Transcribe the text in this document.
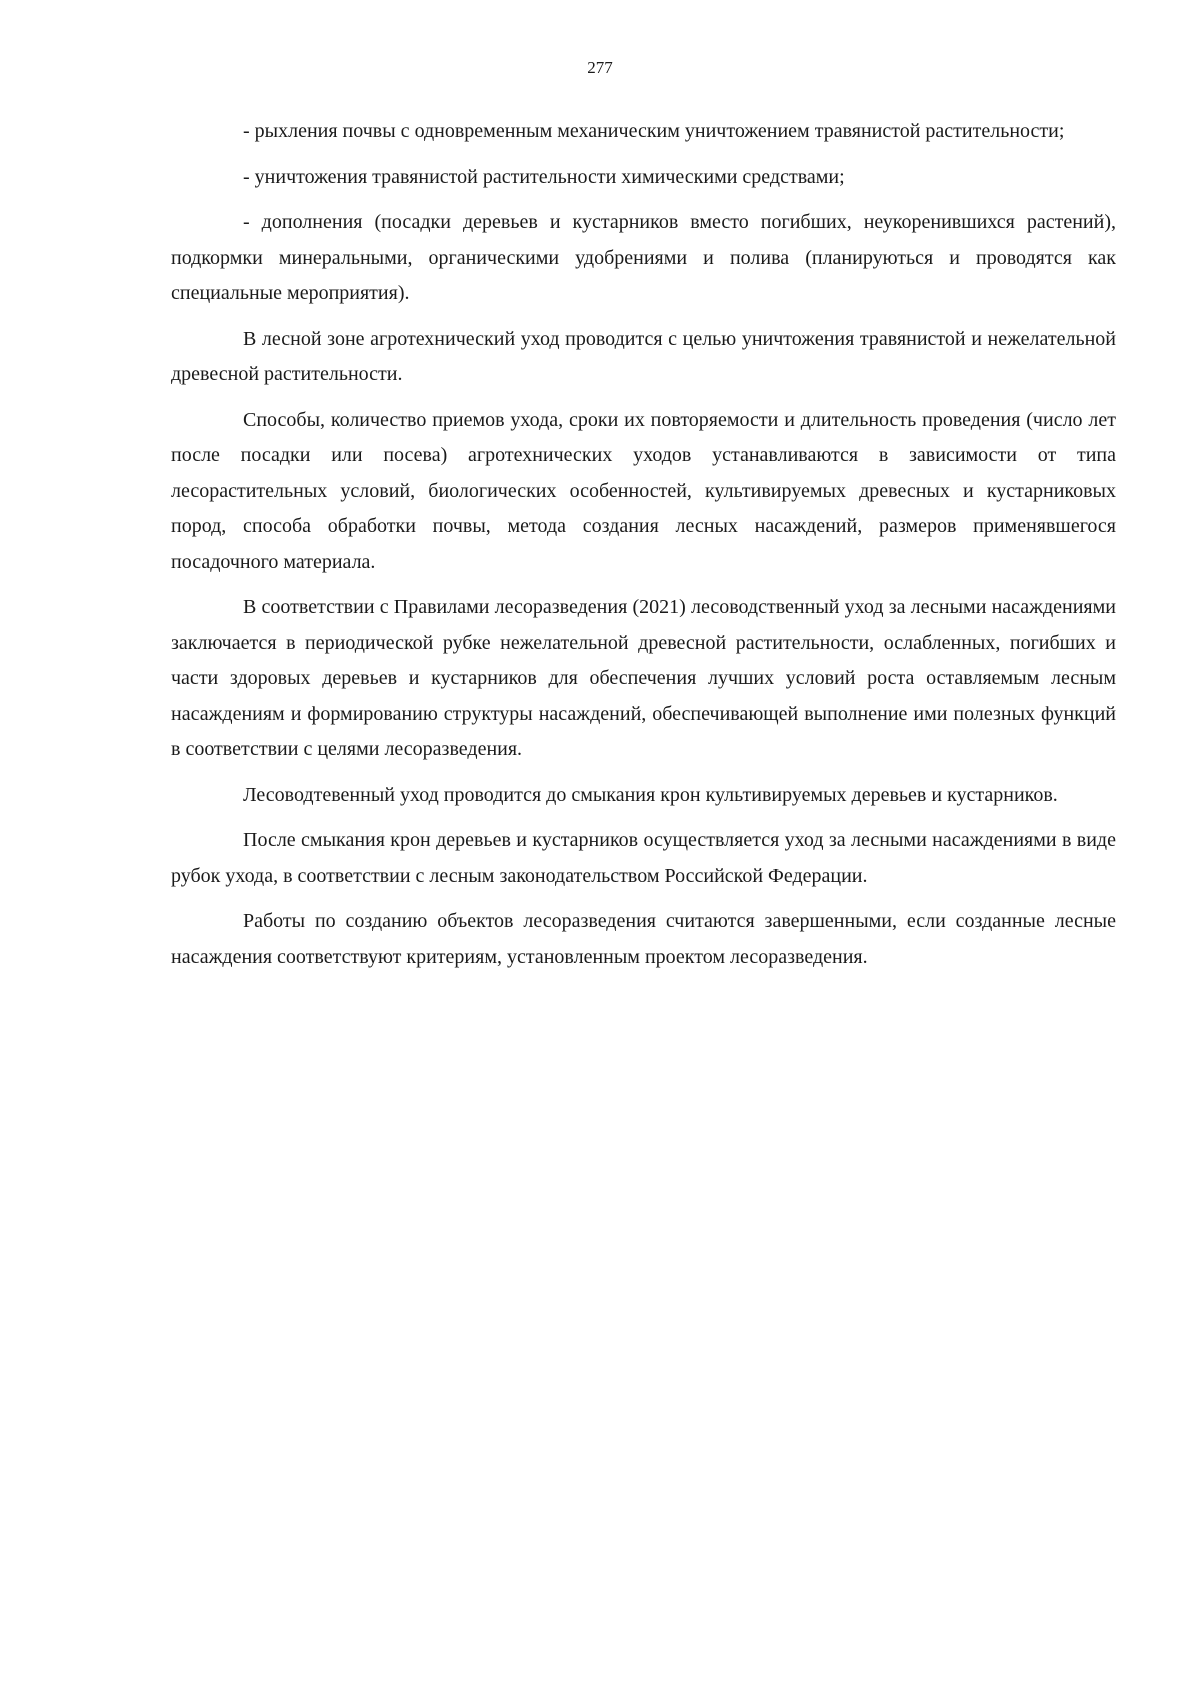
277

- рыхления почвы с одновременным механическим уничтожением травянистой растительности;

- уничтожения травянистой растительности химическими средствами;

- дополнения (посадки деревьев и кустарников вместо погибших, неукоренившихся растений), подкормки минеральными, органическими удобрениями и полива (планируються и проводятся как специальные мероприятия).

В лесной зоне агротехнический уход проводится с целью уничтожения травянистой и нежелательной древесной растительности.

Способы, количество приемов ухода, сроки их повторяемости и длительность проведения (число лет после посадки или посева) агротехнических уходов устанавливаются в зависимости от типа лесорастительных условий, биологических особенностей, культивируемых древесных и кустарниковых пород, способа обработки почвы, метода создания лесных насаждений, размеров применявшегося посадочного материала.

В соответствии с Правилами лесоразведения (2021) лесоводственный уход за лесными насаждениями заключается в периодической рубке нежелательной древесной растительности, ослабленных, погибших и части здоровых деревьев и кустарников для обеспечения лучших условий роста оставляемым лесным насаждениям и формированию структуры насаждений, обеспечивающей выполнение ими полезных функций в соответствии с целями лесоразведения.

Лесоводтевенный уход проводится до смыкания крон культивируемых деревьев и кустарников.

После смыкания крон деревьев и кустарников осуществляется уход за лесными насаждениями в виде рубок ухода, в соответствии с лесным законодательством Российской Федерации.

Работы по созданию объектов лесоразведения считаются завершенными, если созданные лесные насаждения соответствуют критериям, установленным проектом лесоразведения.
